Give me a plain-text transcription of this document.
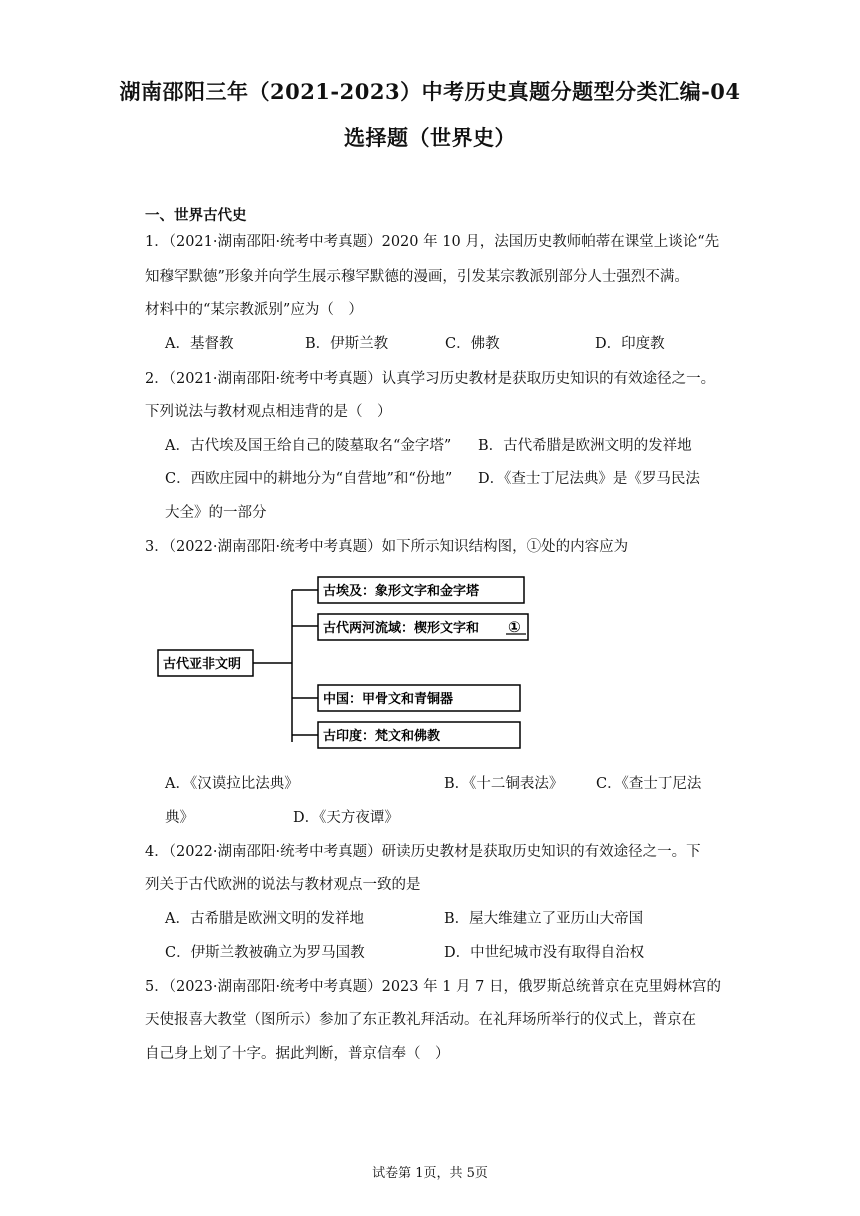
湖南邵阳三年（2021-2023）中考历史真题分题型分类汇编-04
选择题（世界史）
一、世界古代史
1．（2021·湖南邵阳·统考中考真题）2020 年 10 月，法国历史教师帕蒂在课堂上谈论“先
知穆罕默德”形象并向学生展示穆罕默德的漫画，引发某宗教派别部分人士强烈不满。
材料中的“某宗教派别”应为（　）
A．基督教	B．伊斯兰教	C．佛教	D．印度教
2．（2021·湖南邵阳·统考中考真题）认真学习历史教材是获取历史知识的有效途径之一。
下列说法与教材观点相违背的是（　）
A．古代埃及国王给自己的陵墓取名“金字塔” B．古代希腊是欧洲文明的发祥地
C．西欧庄园中的耕地分为“自营地”和“份地” D．《查士丁尼法典》是《罗马民法
大全》的一部分
3．（2022·湖南邵阳·统考中考真题）如下所示知识结构图，①处的内容应为
古代亚非文明
古埃及：象形文字和金字塔
古代两河流域：楔形文字和 ①
中国：甲骨文和青铜器
古印度：梵文和佛教
A．《汉谟拉比法典》	B．《十二铜表法》 C．《查士丁尼法
典》	D．《天方夜谭》
4．（2022·湖南邵阳·统考中考真题）研读历史教材是获取历史知识的有效途径之一。下
列关于古代欧洲的说法与教材观点一致的是
A．古希腊是欧洲文明的发祥地	B．屋大维建立了亚历山大帝国
C．伊斯兰教被确立为罗马国教	D．中世纪城市没有取得自治权
5．（2023·湖南邵阳·统考中考真题）2023 年 1 月 7 日，俄罗斯总统普京在克里姆林宫的
天使报喜大教堂（图所示）参加了东正教礼拜活动。在礼拜场所举行的仪式上，普京在
自己身上划了十字。据此判断，普京信奉（　）
试卷第 1页，共 5页
